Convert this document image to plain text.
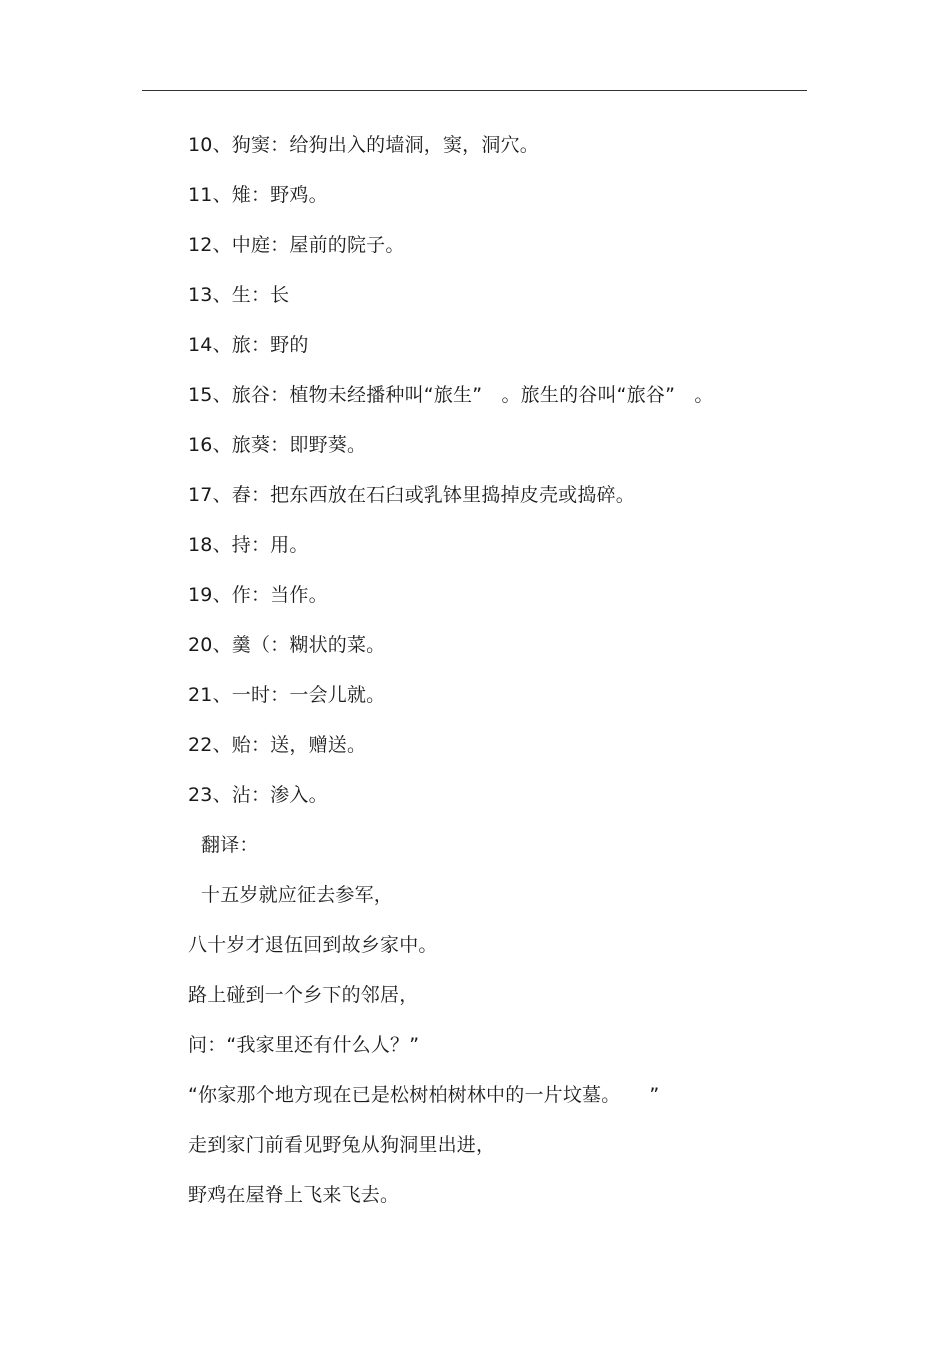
10、狗窦：给狗出入的墙洞，窦，洞穴。
11、雉：野鸡。
12、中庭：屋前的院子。
13、生：长
14、旅：野的
15、旅谷：植物未经播种叫“旅生”　。旅生的谷叫“旅谷”　。
16、旅葵：即野葵。
17、舂：把东西放在石臼或乳钵里捣掉皮壳或捣碎。
18、持：用。
19、作：当作。
20、羹（：糊状的菜。
21、一时：一会儿就。
22、贻：送，赠送。
23、沾：渗入。
翻译：
十五岁就应征去参军，
八十岁才退伍回到故乡家中。
路上碰到一个乡下的邻居，
问：“我家里还有什么人？”
“你家那个地方现在已是松树柏树林中的一片坟墓。　　”
走到家门前看见野兔从狗洞里出进，
野鸡在屋脊上飞来飞去。
